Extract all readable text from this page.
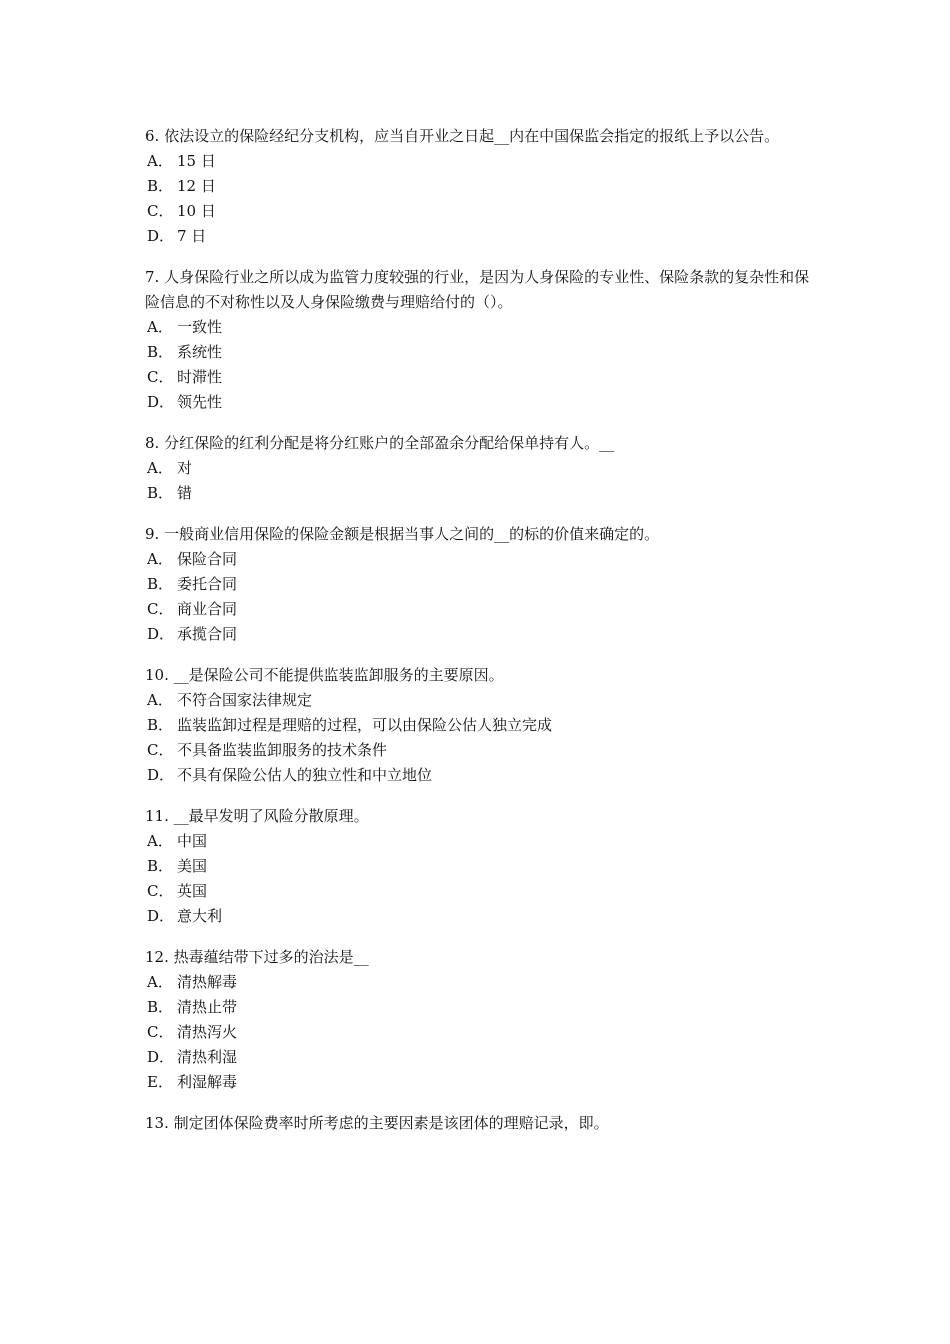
6. 依法设立的保险经纪分支机构，应当自开业之日起__内在中国保监会指定的报纸上予以公告。

A． 15 日
B． 12 日
C． 10 日
D． 7 日

7. 人身保险行业之所以成为监管力度较强的行业，是因为人身保险的专业性、保险条款的复杂性和保险信息的不对称性以及人身保险缴费与理赔给付的（）。

A． 一致性
B． 系统性
C． 时滞性
D． 领先性

8. 分红保险的红利分配是将分红账户的全部盈余分配给保单持有人。__

A． 对
B． 错

9. 一般商业信用保险的保险金额是根据当事人之间的__的标的价值来确定的。

A． 保险合同
B． 委托合同
C． 商业合同
D． 承揽合同

10. __是保险公司不能提供监装监卸服务的主要原因。

A． 不符合国家法律规定
B． 监装监卸过程是理赔的过程，可以由保险公估人独立完成
C． 不具备监装监卸服务的技术条件
D． 不具有保险公估人的独立性和中立地位

11. __最早发明了风险分散原理。

A． 中国
B． 美国
C． 英国
D． 意大利

12. 热毒蕴结带下过多的治法是__

A． 清热解毒
B． 清热止带
C． 清热泻火
D． 清热利湿
E． 利湿解毒

13. 制定团体保险费率时所考虑的主要因素是该团体的理赔记录，即。
